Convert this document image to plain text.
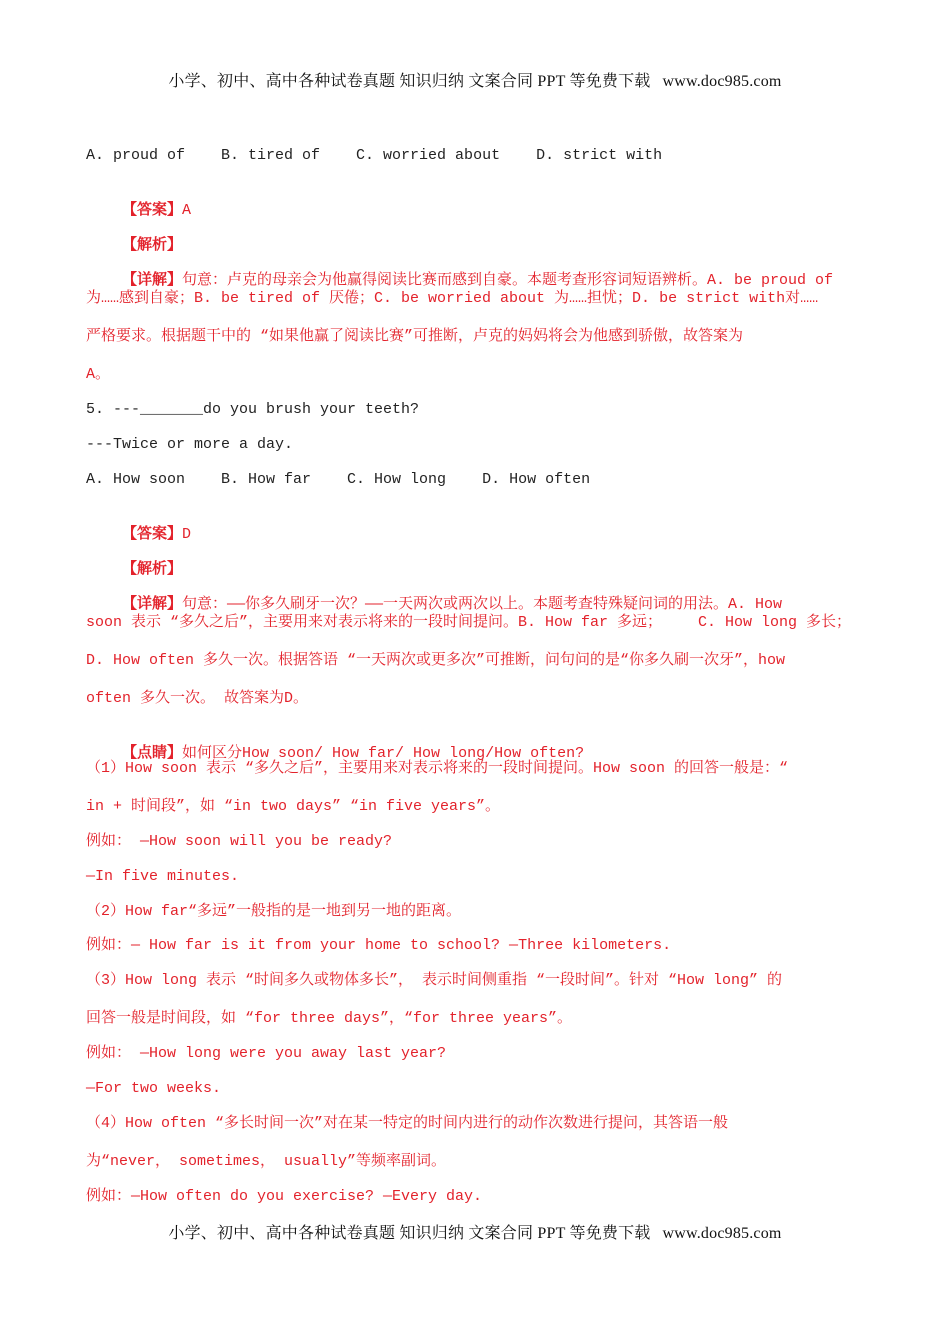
小学、初中、高中各种试卷真题 知识归纳 文案合同 PPT 等免费下载 www.doc985.com
A. proud of    B. tired of    C. worried about    D. strict with

【答案】A

【解析】

【详解】句意：卢克的母亲会为他赢得阅读比赛而感到自豪。本题考查形容词短语辨析。A. be proud of

为……感到自豪；B. be tired of 厌倦；C. be worried about 为……担忧；D. be strict with对……
严格要求。根据题干中的 “如果他赢了阅读比赛”可推断，卢克的妈妈将会为他感到骄傲，故答案为
A。
5. ---_______do you brush your teeth?
---Twice or more a day.
A. How soon    B. How far    C. How long    D. How often

【答案】D

【解析】

【详解】句意：——你多久刷牙一次？——一天两次或两次以上。本题考查特殊疑问词的用法。A. How

soon 表示 “多久之后”，主要用来对表示将来的一段时间提问。B. How far 多远；    C. How long 多长；
D. How often 多久一次。根据答语 “一天两次或更多次”可推断，问句问的是“你多久刷一次牙”，how
often 多久一次。 故答案为D。

【点睛】如何区分How soon/ How far/ How long/How often?

（1）How soon 表示 “多久之后”，主要用来对表示将来的一段时间提问。How soon 的回答一般是：“
in + 时间段”，如 “in two days” “in five years”。
例如： —How soon will you be ready?
—In five minutes.
（2）How far“多远”一般指的是一地到另一地的距离。
例如：— How far is it from your home to school? —Three kilometers.
（3）How long 表示 “时间多久或物体多长”， 表示时间侧重指 “一段时间”。针对 “How long” 的
回答一般是时间段，如 “for three days”，“for three years”。
例如： —How long were you away last year?
—For two weeks.
（4）How often “多长时间一次”对在某一特定的时间内进行的动作次数进行提问，其答语一般
为“never， sometimes， usually”等频率副词。
例如：—How often do you exercise? —Every day.
小学、初中、高中各种试卷真题 知识归纳 文案合同 PPT 等免费下载 www.doc985.com
